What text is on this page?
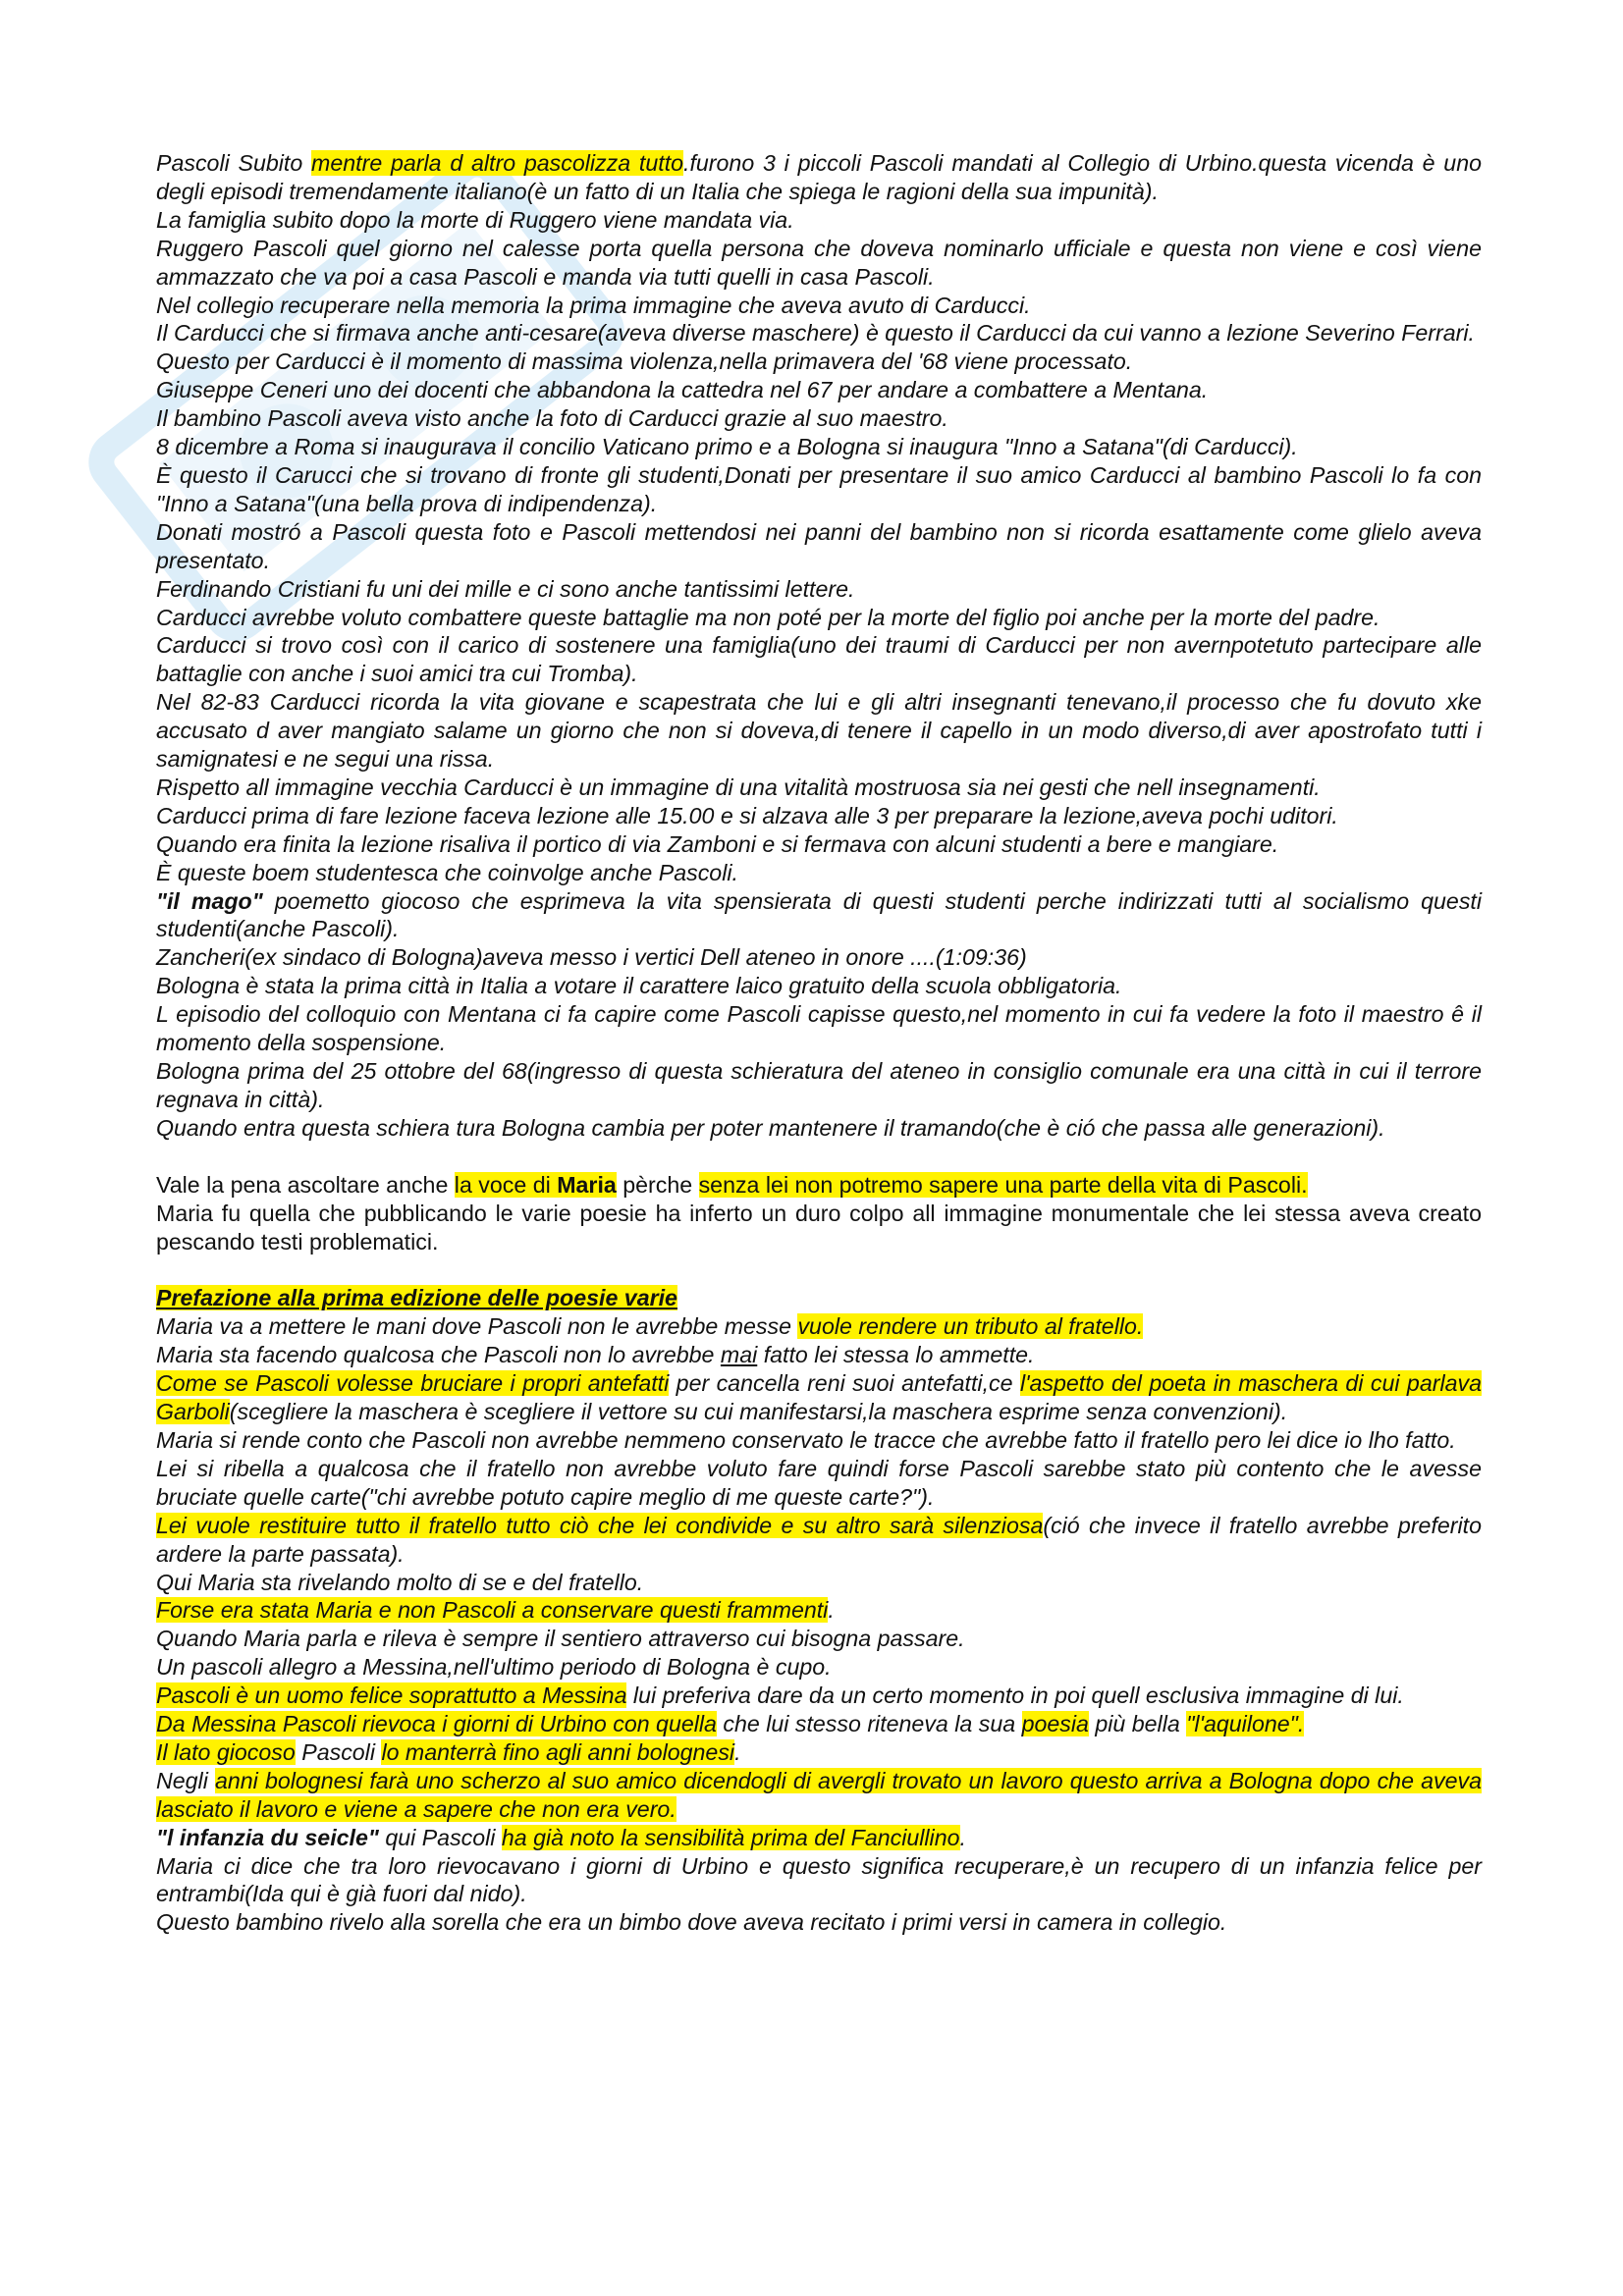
Pascoli Subito mentre parla d altro pascolizza tutto.furono 3 i piccoli Pascoli mandati al Collegio di Urbino.questa vicenda è uno degli episodi tremendamente italiano(è un fatto di un Italia che spiega le ragioni della sua impunità).

La famiglia subito dopo la morte di Ruggero viene mandata via.

Ruggero Pascoli quel giorno nel calesse porta quella persona che doveva nominarlo ufficiale e questa non viene e così viene ammazzato che va poi a casa Pascoli e manda via tutti quelli in casa Pascoli.

Nel collegio recuperare nella memoria la prima immagine che aveva avuto di Carducci.

Il Carducci che si firmava anche anti-cesare(aveva diverse maschere) è questo il Carducci da cui vanno a lezione Severino Ferrari.

Questo per Carducci è il momento di massima violenza,nella primavera del '68 viene processato.

Giuseppe Ceneri uno dei docenti che abbandona la cattedra nel 67 per andare a combattere a Mentana.

Il bambino Pascoli aveva visto anche la foto di Carducci grazie al suo maestro.

8 dicembre a Roma si inaugurava il concilio Vaticano primo e a Bologna si inaugura "Inno a Satana"(di Carducci).

È questo il Carucci che si trovano di fronte gli studenti,Donati per presentare il suo amico Carducci al bambino Pascoli lo fa con "Inno a Satana"(una bella prova di indipendenza).

Donati mostró a Pascoli questa foto e Pascoli mettendosi nei panni del bambino non si ricorda esattamente come glielo aveva presentato.

Ferdinando Cristiani fu uni dei mille e ci sono anche tantissimi lettere.

Carducci avrebbe voluto combattere queste battaglie ma non poté per la morte del figlio poi anche per la morte del padre.

Carducci si trovo così con il carico di sostenere una famiglia(uno dei traumi di Carducci per non avernpotetuto partecipare alle battaglie con anche i suoi amici tra cui Tromba).

Nel 82-83 Carducci ricorda la vita giovane e scapestrata che lui e gli altri insegnanti tenevano,il processo che fu dovuto xke accusato d aver mangiato salame un giorno che non si doveva,di tenere il capello in un modo diverso,di aver apostrofato tutti i samignatesi e ne segui una rissa.

Rispetto all immagine vecchia Carducci è un immagine di una vitalità mostruosa sia nei gesti che nell insegnamenti.

Carducci prima di fare lezione faceva lezione alle 15.00 e si alzava alle 3 per preparare la lezione,aveva pochi uditori.

Quando era finita la lezione risaliva il portico di via Zamboni e si fermava con alcuni studenti a bere e mangiare.

È queste boem studentesca che coinvolge anche Pascoli.

"il mago" poemetto giocoso che esprimeva la vita spensierata di questi studenti perche indirizzati tutti al socialismo questi studenti(anche Pascoli).

Zancheri(ex sindaco di Bologna)aveva messo i vertici Dell ateneo in onore ....(1:09:36)

Bologna è stata la prima città in Italia a votare il carattere laico gratuito della scuola obbligatoria.

L episodio del colloquio con Mentana ci fa capire come Pascoli capisse questo,nel momento in cui fa vedere la foto il maestro ê il momento della sospensione.

Bologna prima del 25 ottobre del 68(ingresso di questa schieratura del ateneo in consiglio comunale era una città in cui il terrore regnava in città).

Quando entra questa schiera tura Bologna cambia per poter mantenere il tramando(che è ció che passa alle generazioni).

Vale la pena ascoltare anche la voce di Maria pèrche senza lei non potremo sapere una parte della vita di Pascoli.

Maria fu quella che pubblicando le varie poesie ha inferto un duro colpo all immagine monumentale che lei stessa aveva creato pescando testi problematici.

Prefazione alla prima edizione delle poesie varie

Maria va a mettere le mani dove Pascoli non le avrebbe messe vuole rendere un tributo al fratello.

Maria sta facendo qualcosa che Pascoli non lo avrebbe mai fatto lei stessa lo ammette.

Come se Pascoli volesse bruciare i propri antefatti per cancella reni suoi antefatti,ce l'aspetto del poeta in maschera di cui parlava Garboli(scegliere la maschera è scegliere il vettore su cui manifestarsi,la maschera esprime senza convenzioni).

Maria si rende conto che Pascoli non avrebbe nemmeno conservato le tracce che avrebbe fatto il fratello pero lei dice io lho fatto.

Lei si ribella a qualcosa che il fratello non avrebbe voluto fare quindi forse Pascoli sarebbe stato più contento che le avesse bruciate quelle carte("chi avrebbe potuto capire meglio di me queste carte?").

Lei vuole restituire tutto il fratello tutto ciò che lei condivide e su altro sarà silenziosa(ció che invece il fratello avrebbe preferito ardere la parte passata).

Qui Maria sta rivelando molto di se e del fratello.

Forse era stata Maria e non Pascoli a conservare questi frammenti.

Quando Maria parla e rileva è sempre il sentiero attraverso cui bisogna passare.

Un pascoli allegro a Messina,nell'ultimo periodo di Bologna è cupo.

Pascoli è un uomo felice soprattutto a Messina lui preferiva dare da un certo momento in poi quell esclusiva immagine di lui.

Da Messina Pascoli rievoca i giorni di Urbino con quella che lui stesso riteneva la sua poesia più bella "l'aquilone".

Il lato giocoso Pascoli lo manterrà fino agli anni bolognesi.

Negli anni bolognesi farà uno scherzo al suo amico dicendogli di avergli trovato un lavoro questo arriva a Bologna dopo che aveva lasciato il lavoro e viene a sapere che non era vero.

"l infanzia du seicle" qui Pascoli ha già noto la sensibilità prima del Fanciullino.

Maria ci dice che tra loro rievocavano i giorni di Urbino e questo significa recuperare,è un recupero di un infanzia felice per entrambi(Ida qui è già fuori dal nido).

Questo bambino rivelo alla sorella che era un bimbo dove aveva recitato i primi versi in camera in collegio.
